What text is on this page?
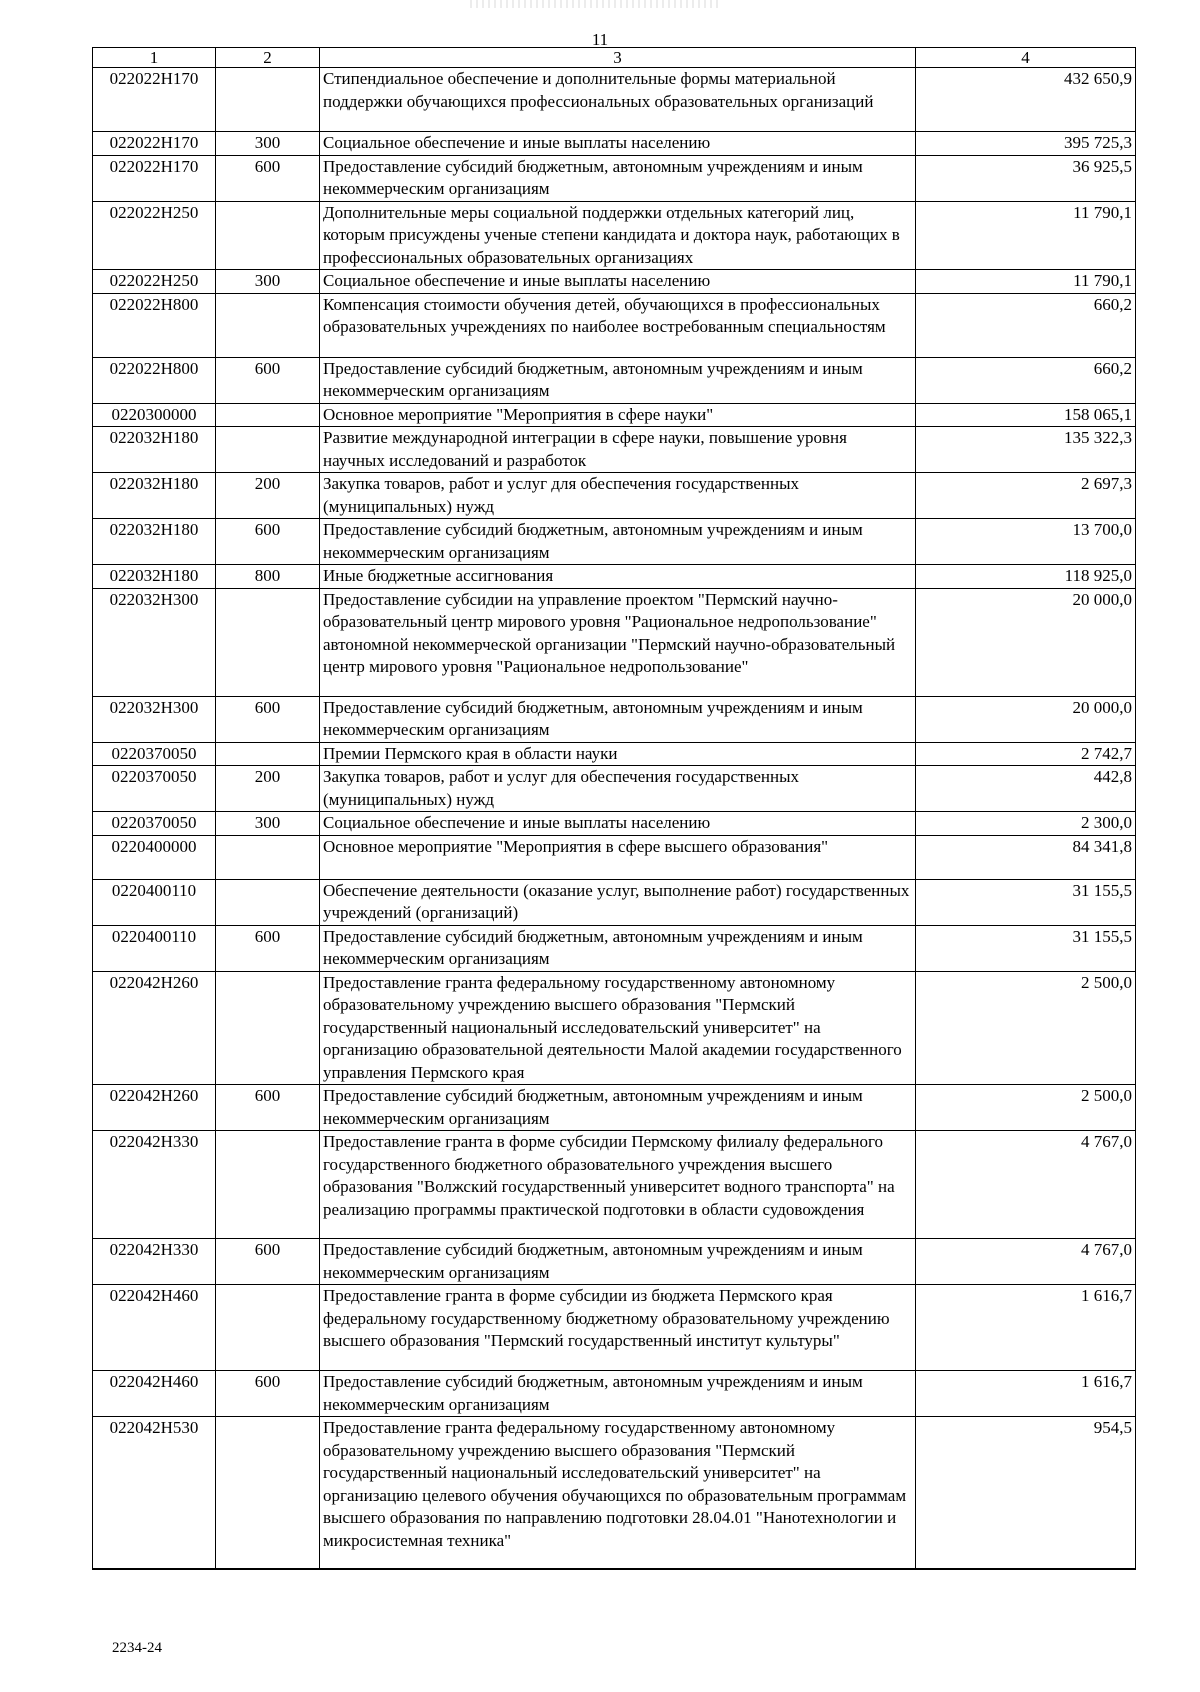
11
1	2	3	4
022022Н170		Стипендиальное обеспечение и дополнительные формы материальной поддержки обучающихся профессиональных образовательных организаций	432 650,9
022022Н170	300	Социальное обеспечение и иные выплаты населению	395 725,3
022022Н170	600	Предоставление субсидий бюджетным, автономным учреждениям и иным некоммерческим организациям	36 925,5
022022Н250		Дополнительные меры социальной поддержки отдельных категорий лиц, которым присуждены ученые степени кандидата и доктора наук, работающих в профессиональных образовательных организациях	11 790,1
022022Н250	300	Социальное обеспечение и иные выплаты населению	11 790,1
022022Н800		Компенсация стоимости обучения детей, обучающихся в профессиональных образовательных учреждениях по наиболее востребованным специальностям	660,2
022022Н800	600	Предоставление субсидий бюджетным, автономным учреждениям и иным некоммерческим организациям	660,2
0220300000		Основное мероприятие "Мероприятия в сфере науки"	158 065,1
022032Н180		Развитие международной интеграции в сфере науки, повышение уровня научных исследований и разработок	135 322,3
022032Н180	200	Закупка товаров, работ и услуг для обеспечения государственных (муниципальных) нужд	2 697,3
022032Н180	600	Предоставление субсидий бюджетным, автономным учреждениям и иным некоммерческим организациям	13 700,0
022032Н180	800	Иные бюджетные ассигнования	118 925,0
022032Н300		Предоставление субсидии на управление проектом "Пермский научно-образовательный центр мирового уровня "Рациональное недропользование" автономной некоммерческой организации "Пермский научно-образовательный центр мирового уровня "Рациональное недропользование"	20 000,0
022032Н300	600	Предоставление субсидий бюджетным, автономным учреждениям и иным некоммерческим организациям	20 000,0
0220370050		Премии Пермского края в области науки	2 742,7
0220370050	200	Закупка товаров, работ и услуг для обеспечения государственных (муниципальных) нужд	442,8
0220370050	300	Социальное обеспечение и иные выплаты населению	2 300,0
0220400000		Основное мероприятие "Мероприятия в сфере высшего образования"	84 341,8
0220400110		Обеспечение деятельности (оказание услуг, выполнение работ) государственных учреждений (организаций)	31 155,5
0220400110	600	Предоставление субсидий бюджетным, автономным учреждениям и иным некоммерческим организациям	31 155,5
022042Н260		Предоставление гранта федеральному государственному автономному образовательному учреждению высшего образования "Пермский государственный национальный исследовательский университет" на организацию образовательной деятельности Малой академии государственного управления Пермского края	2 500,0
022042Н260	600	Предоставление субсидий бюджетным, автономным учреждениям и иным некоммерческим организациям	2 500,0
022042Н330		Предоставление гранта в форме субсидии Пермскому филиалу федерального государственного бюджетного образовательного учреждения высшего образования "Волжский государственный университет водного транспорта" на реализацию программы практической подготовки в области судовождения	4 767,0
022042Н330	600	Предоставление субсидий бюджетным, автономным учреждениям и иным некоммерческим организациям	4 767,0
022042Н460		Предоставление гранта в форме субсидии из бюджета Пермского края федеральному государственному бюджетному образовательному учреждению высшего образования "Пермский государственный институт культуры"	1 616,7
022042Н460	600	Предоставление субсидий бюджетным, автономным учреждениям и иным некоммерческим организациям	1 616,7
022042Н530		Предоставление гранта федеральному государственному автономному образовательному учреждению высшего образования "Пермский государственный национальный исследовательский университет" на организацию целевого обучения обучающихся по образовательным программам высшего образования по направлению подготовки 28.04.01 "Нанотехнологии и микросистемная техника"	954,5
2234-24
